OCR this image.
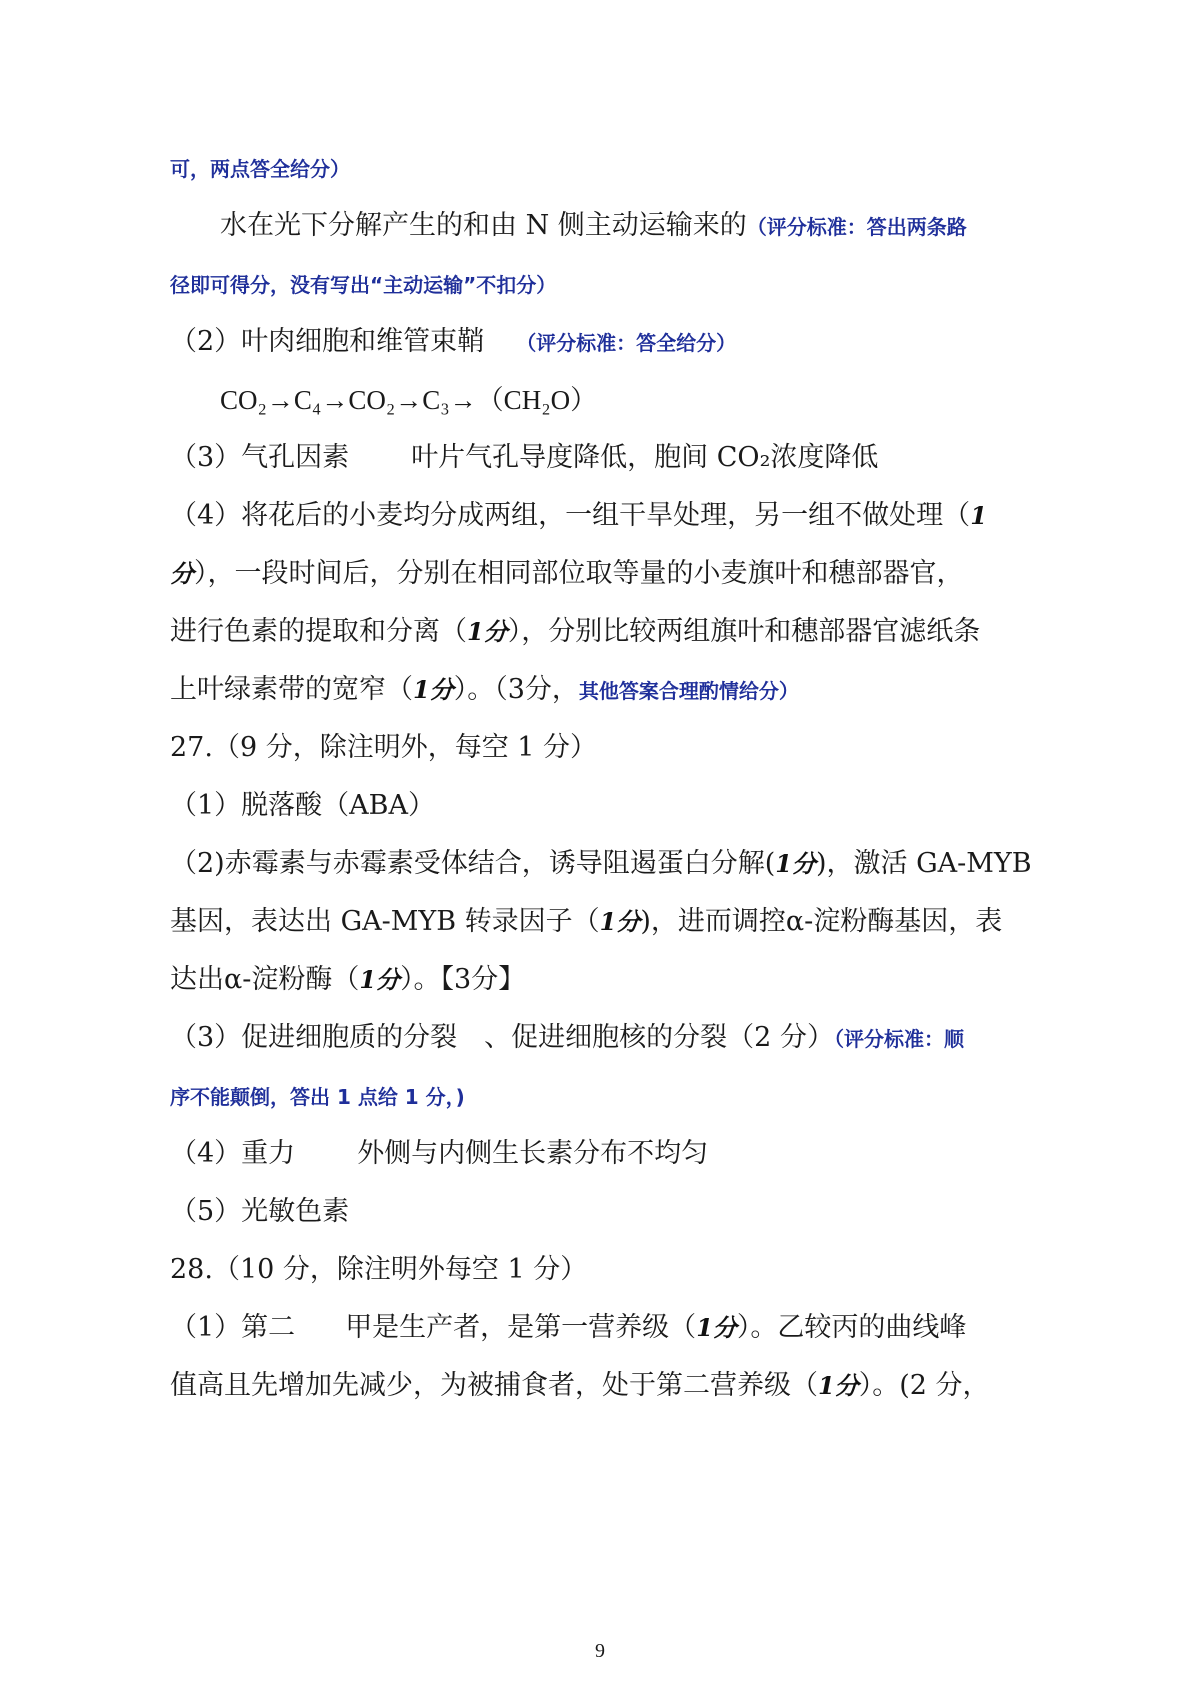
可，两点答全给分）
水在光下分解产生的和由 N 侧主动运输来的（评分标准：答出两条路
径即可得分，没有写出“主动运输”不扣分）
（2）叶肉细胞和维管束鞘 （评分标准：答全给分）
CO₂→C₄→CO₂→C₃→（CH₂O）
（3）气孔因素 叶片气孔导度降低，胞间 CO₂浓度降低
（4）将花后的小麦均分成两组，一组干旱处理，另一组不做处理（1
分），一段时间后，分别在相同部位取等量的小麦旗叶和穗部器官，
进行色素的提取和分离（1分），分别比较两组旗叶和穗部器官滤纸条
上叶绿素带的宽窄（1分）。（3分，其他答案合理酌情给分）
27.（9 分，除注明外，每空 1 分）
（1）脱落酸（ABA）
（2)赤霉素与赤霉素受体结合，诱导阻遏蛋白分解(1分)，激活 GA-MYB
基因，表达出 GA-MYB 转录因子（1分)，进而调控α-淀粉酶基因，表
达出α-淀粉酶（1分）。【3分】
（3）促进细胞质的分裂　、促进细胞核的分裂（2 分）（评分标准：顺
序不能颠倒，答出 1 点给 1 分，)
（4）重力 外侧与内侧生长素分布不均匀
（5）光敏色素
28.（10 分，除注明外每空 1 分）
（1）第二 甲是生产者，是第一营养级（1分）。乙较丙的曲线峰
值高且先增加先减少，为被捕食者，处于第二营养级（1分）。(2 分，
9
